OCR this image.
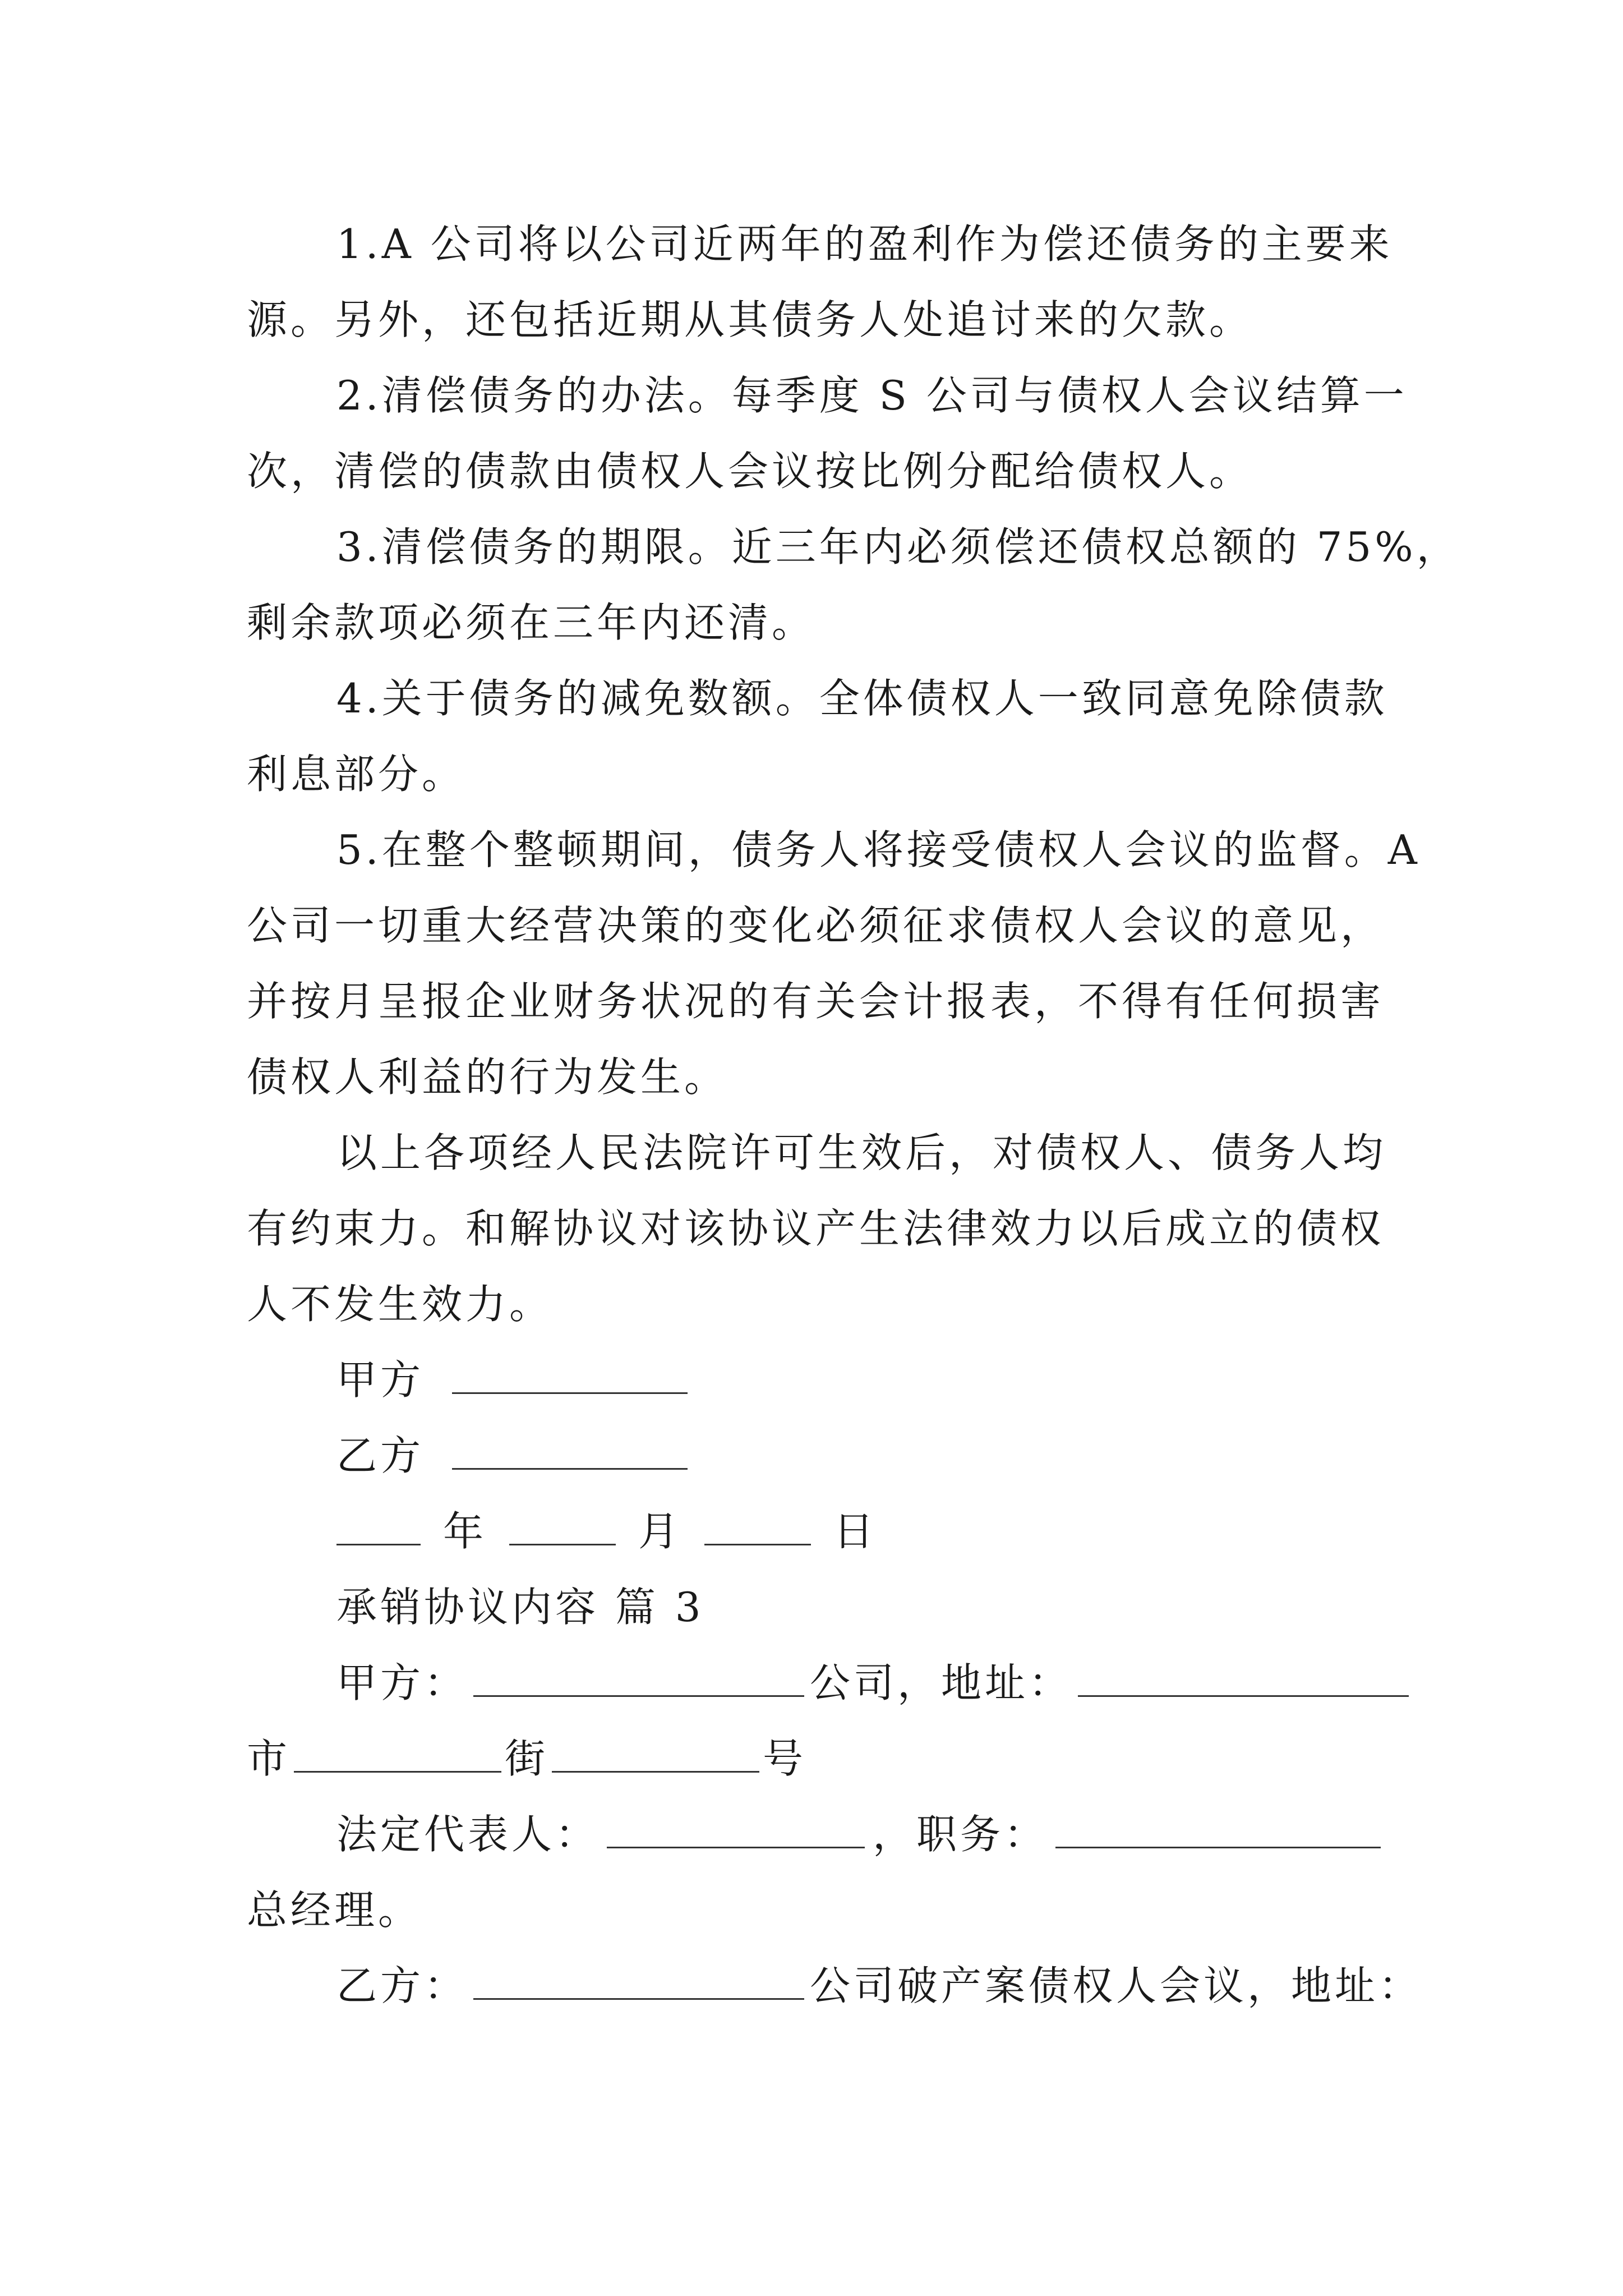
1.A 公司将以公司近两年的盈利作为偿还债务的主要来
源。另外，还包括近期从其债务人处追讨来的欠款。
2.清偿债务的办法。每季度 S 公司与债权人会议结算一
次，清偿的债款由债权人会议按比例分配给债权人。
3.清偿债务的期限。近三年内必须偿还债权总额的 75%，
剩余款项必须在三年内还清。
4.关于债务的减免数额。全体债权人一致同意免除债款
利息部分。
5.在整个整顿期间，债务人将接受债权人会议的监督。A
公司一切重大经营决策的变化必须征求债权人会议的意见，
并按月呈报企业财务状况的有关会计报表，不得有任何损害
债权人利益的行为发生。
以上各项经人民法院许可生效后，对债权人、债务人均
有约束力。和解协议对该协议产生法律效力以后成立的债权
人不发生效力。
甲方
乙方
年	月	日
承销协议内容 篇 3
甲方：	公司，地址：
市	街	号
法定代表人：	，职务：
总经理。
乙方：	公司破产案债权人会议，地址：
